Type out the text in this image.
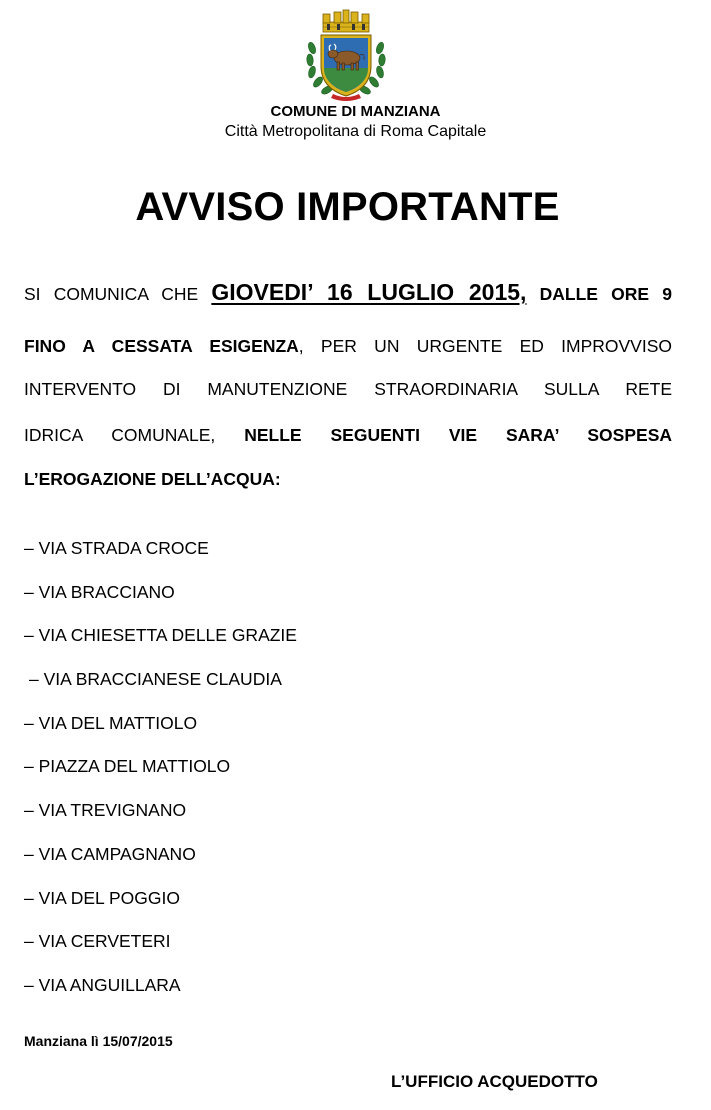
COMUNE DI MANZIANA
Città Metropolitana di Roma Capitale
AVVISO IMPORTANTE
SI COMUNICA CHE GIOVEDI’ 16 LUGLIO 2015, DALLE ORE 9
FINO A CESSATA ESIGENZA, PER UN URGENTE ED IMPROVVISO
INTERVENTO DI MANUTENZIONE STRAORDINARIA SULLA RETE
IDRICA COMUNALE, NELLE SEGUENTI VIE SARA’ SOSPESA
L’EROGAZIONE DELL’ACQUA:
– VIA STRADA CROCE
– VIA BRACCIANO
– VIA CHIESETTA DELLE GRAZIE
– VIA BRACCIANESE CLAUDIA
– VIA DEL MATTIOLO
– PIAZZA DEL MATTIOLO
– VIA TREVIGNANO
– VIA CAMPAGNANO
– VIA DEL POGGIO
– VIA CERVETERI
– VIA ANGUILLARA
Manziana lì 15/07/2015
L’UFFICIO ACQUEDOTTO
